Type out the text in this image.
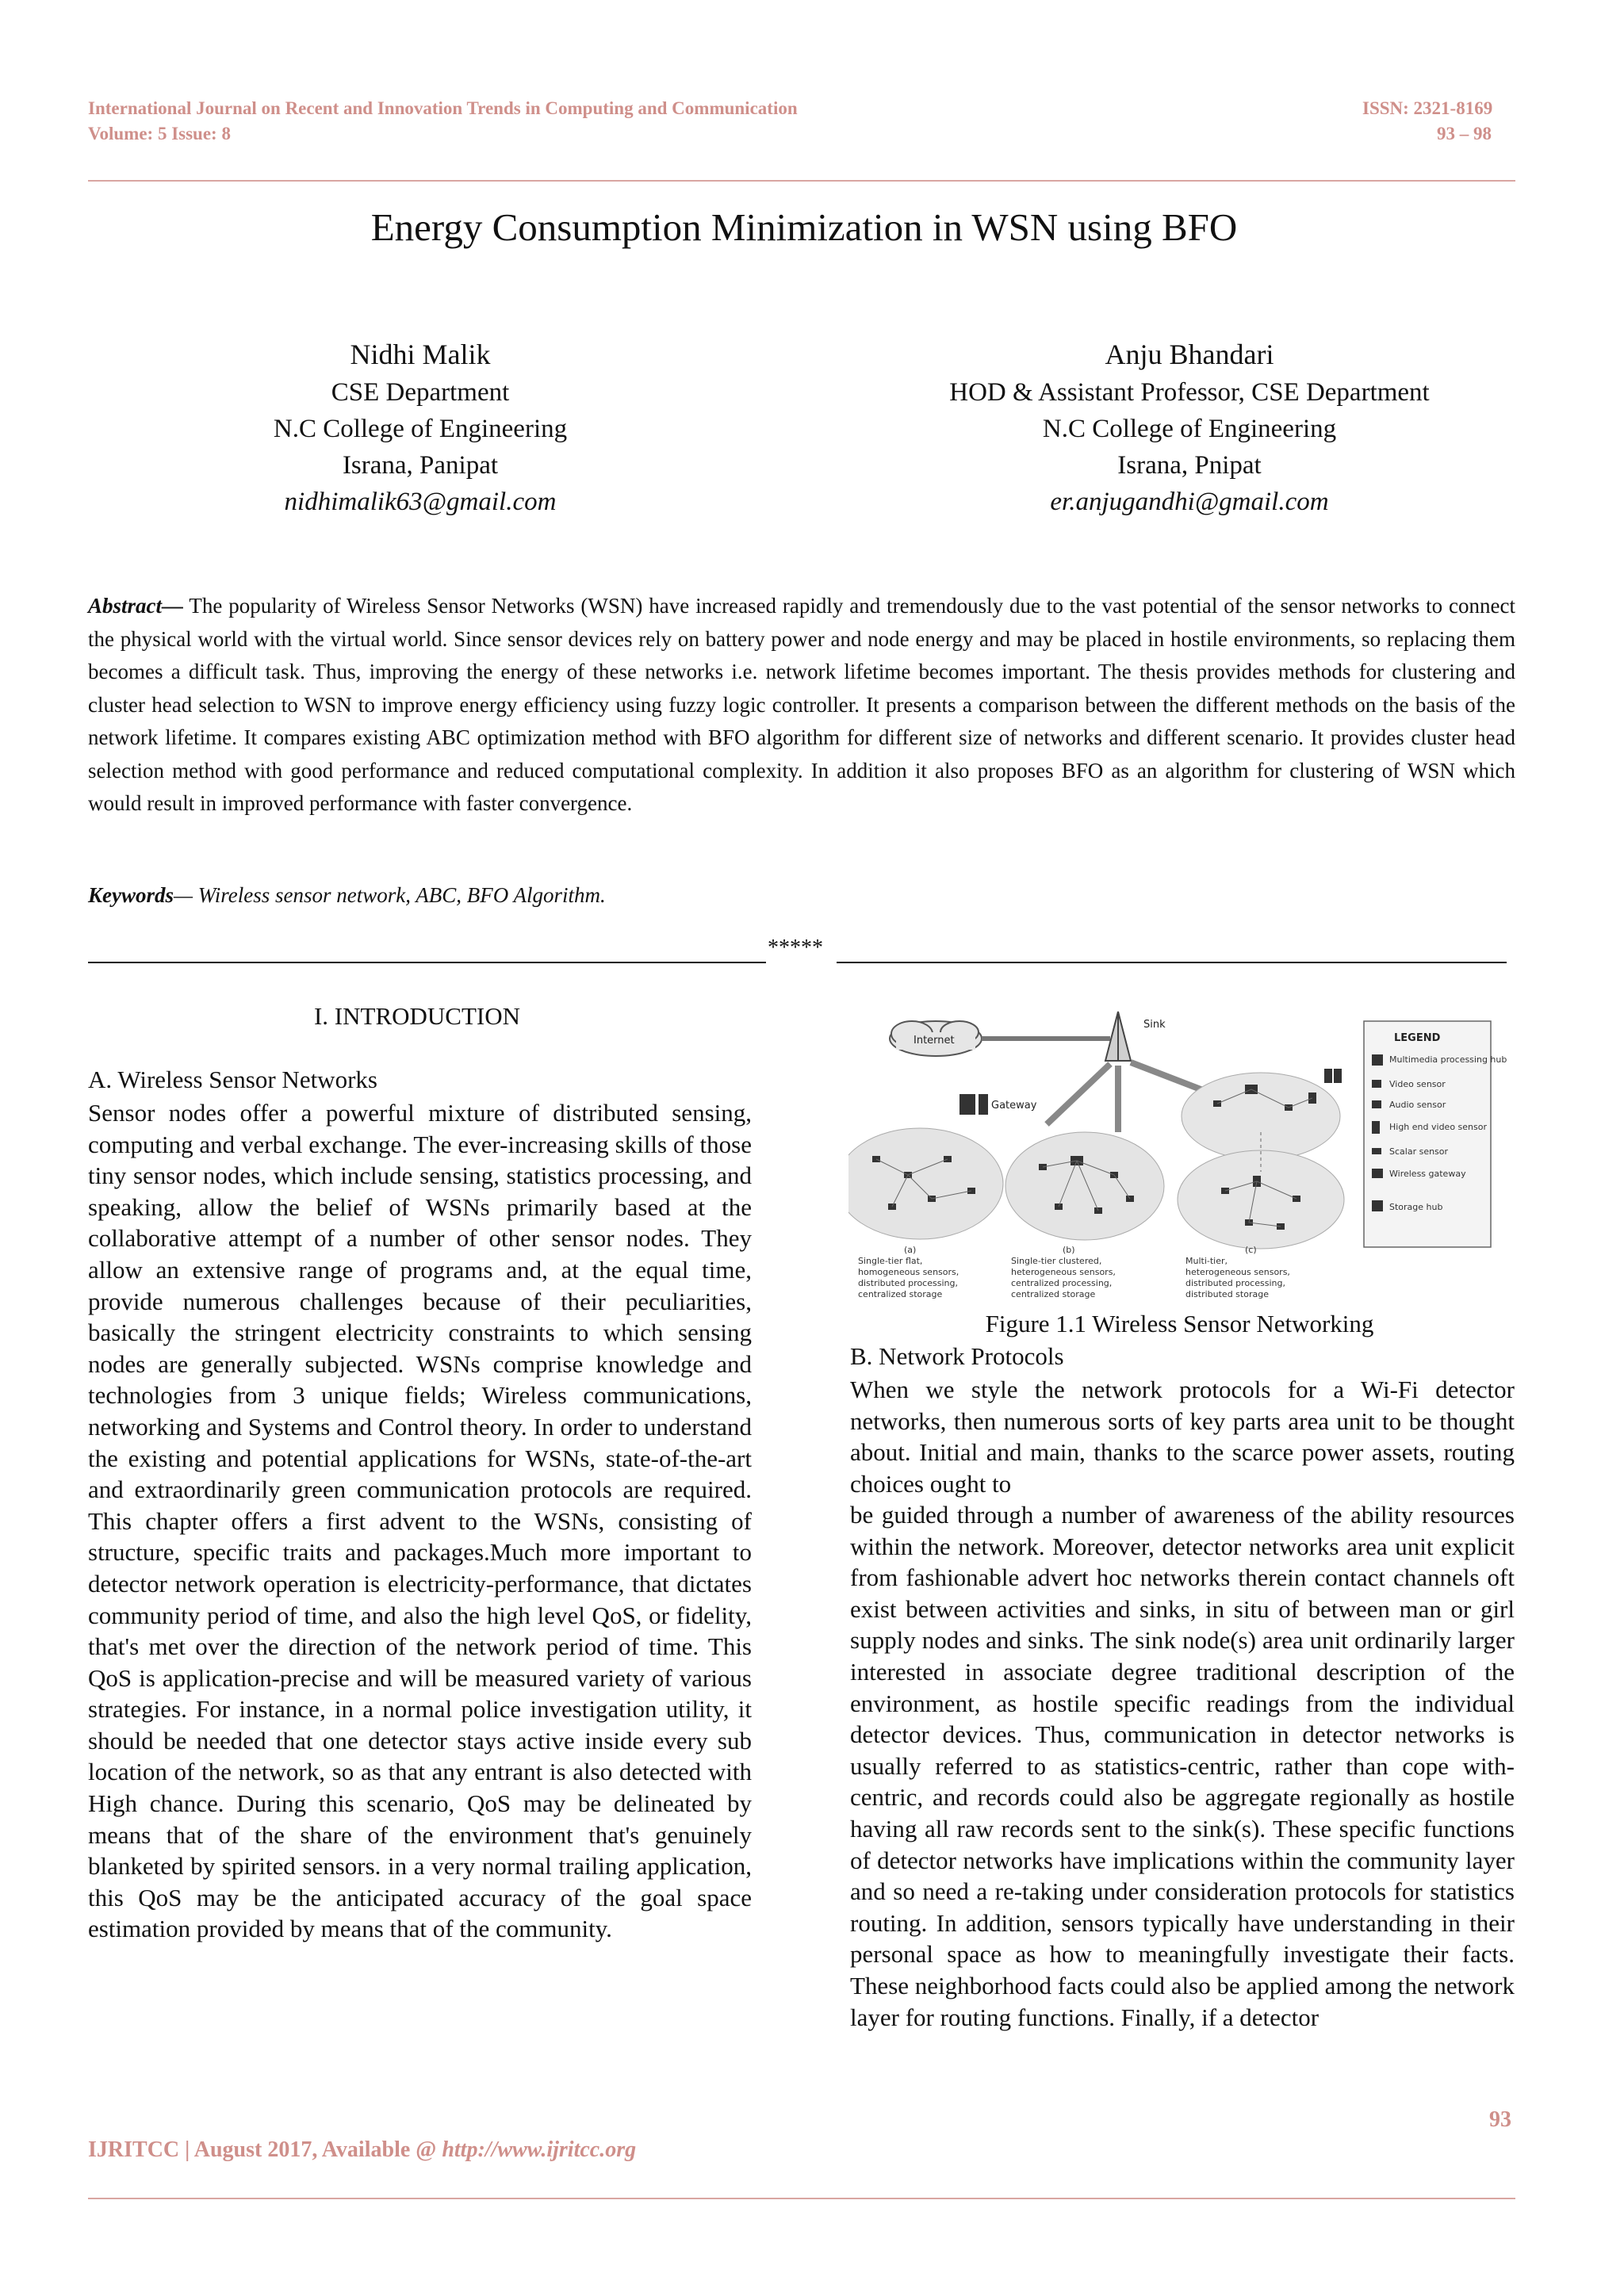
International Journal on Recent and Innovation Trends in Computing and Communication	ISSN: 2321-8169
Volume: 5 Issue: 8	93 – 98
Energy Consumption Minimization in WSN using BFO
Nidhi Malik
CSE Department
N.C College of Engineering
Israna, Panipat
nidhimalik63@gmail.com
Anju Bhandari
HOD & Assistant Professor, CSE Department
N.C College of Engineering
Israna, Pnipat
er.anjugandhi@gmail.com
Abstract— The popularity of Wireless Sensor Networks (WSN) have increased rapidly and tremendously due to the vast potential of the sensor networks to connect the physical world with the virtual world. Since sensor devices rely on battery power and node energy and may be placed in hostile environments, so replacing them becomes a difficult task. Thus, improving the energy of these networks i.e. network lifetime becomes important. The thesis provides methods for clustering and cluster head selection to WSN to improve energy efficiency using fuzzy logic controller. It presents a comparison between the different methods on the basis of the network lifetime. It compares existing ABC optimization method with BFO algorithm for different size of networks and different scenario. It provides cluster head selection method with good performance and reduced computational complexity. In addition it also proposes BFO as an algorithm for clustering of WSN which would result in improved performance with faster convergence.
Keywords— Wireless sensor network, ABC, BFO Algorithm.
*****
I. INTRODUCTION
A. Wireless Sensor Networks
Sensor nodes offer a powerful mixture of distributed sensing, computing and verbal exchange. The ever-increasing skills of those tiny sensor nodes, which include sensing, statistics processing, and speaking, allow the belief of WSNs primarily based at the collaborative attempt of a number of other sensor nodes. They allow an extensive range of programs and, at the equal time, provide numerous challenges because of their peculiarities, basically the stringent electricity constraints to which sensing nodes are generally subjected. WSNs comprise knowledge and technologies from 3 unique fields; Wireless communications, networking and Systems and Control theory. In order to understand the existing and potential applications for WSNs, state-of-the-art and extraordinarily green communication protocols are required. This chapter offers a first advent to the WSNs, consisting of structure, specific traits and packages.Much more important to detector network operation is electricity-performance, that dictates community period of time, and also the high level QoS, or fidelity, that's met over the direction of the network period of time. This QoS is application-precise and will be measured variety of various strategies. For instance, in a normal police investigation utility, it should be needed that one detector stays active inside every sub location of the network, so as that any entrant is also detected with High chance. During this scenario, QoS may be delineated by means that of the share of the environment that's genuinely blanketed by spirited sensors. in a very normal trailing application, this QoS may be the anticipated accuracy of the goal space estimation provided by means that of the community.
Internet
Sink
Gateway
LEGEND
Multimedia processing hub
Video sensor
Audio sensor
High end video sensor
Scalar sensor
Wireless gateway
Storage hub
(a)
Single-tier flat,
homogeneous sensors,
distributed processing,
centralized storage
(b)
Single-tier clustered,
heterogeneous sensors,
centralized processing,
centralized storage
(c)
Multi-tier,
heterogeneous sensors,
distributed processing,
distributed storage
Figure 1.1 Wireless Sensor Networking
B. Network Protocols
When we style the network protocols for a Wi-Fi detector networks, then numerous sorts of key parts area unit to be thought about. Initial and main, thanks to the scarce power assets, routing choices ought to
be guided through a number of awareness of the ability resources within the network. Moreover, detector networks area unit explicit from fashionable advert hoc networks therein contact channels oft exist between activities and sinks, in situ of between man or girl supply nodes and sinks. The sink node(s) area unit ordinarily larger interested in associate degree traditional description of the environment, as hostile specific readings from the individual detector devices. Thus, communication in detector networks is usually referred to as statistics-centric, rather than cope with-centric, and records could also be aggregate regionally as hostile having all raw records sent to the sink(s). These specific functions of detector networks have implications within the community layer and so need a re-taking under consideration protocols for statistics routing. In addition, sensors typically have understanding in their personal space as how to meaningfully investigate their facts. These neighborhood facts could also be applied among the network layer for routing functions. Finally, if a detector
93
IJRITCC | August 2017, Available @ http://www.ijritcc.org
